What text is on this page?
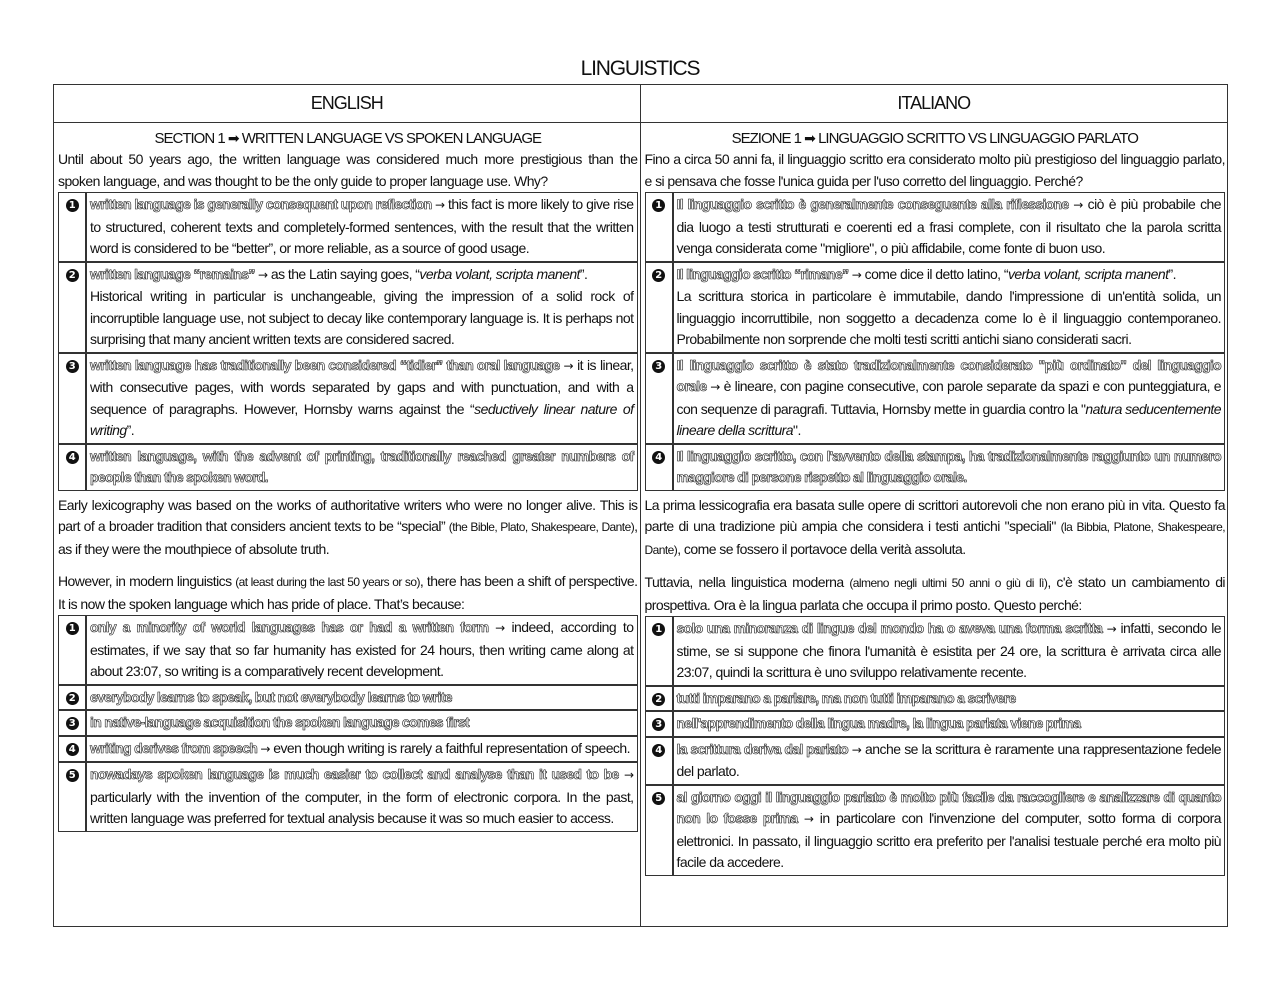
LINGUISTICS
ENGLISH
SECTION 1 ➡ WRITTEN LANGUAGE VS SPOKEN LANGUAGE

Until about 50 years ago, the written language was considered much more prestigious than the spoken language, and was thought to be the only guide to proper language use. Why?

1	written language is generally consequent upon reflection → this fact is more likely to give rise to structured, coherent texts and completely-formed sentences, with the result that the written word is considered to be “better”, or more reliable, as a source of good usage.
2	written language “remains” → as the Latin saying goes, “verba volant, scripta manent”.
Historical writing in particular is unchangeable, giving the impression of a solid rock of incorruptible language use, not subject to decay like contemporary language is. It is perhaps not surprising that many ancient written texts are considered sacred.
3	written language has traditionally been considered “tidier” than oral language → it is linear, with consecutive pages, with words separated by gaps and with punctuation, and with a sequence of paragraphs. However, Hornsby warns against the “seductively linear nature of writing”.
4	written language, with the advent of printing, traditionally reached greater numbers of people than the spoken word.

Early lexicography was based on the works of authoritative writers who were no longer alive. This is part of a broader tradition that considers ancient texts to be “special” (the Bible, Plato, Shakespeare, Dante), as if they were the mouthpiece of absolute truth.

However, in modern linguistics (at least during the last 50 years or so), there has been a shift of perspective. It is now the spoken language which has pride of place. That’s because:

1	only a minority of world languages has or had a written form → indeed, according to estimates, if we say that so far humanity has existed for 24 hours, then writing came along at about 23:07, so writing is a comparatively recent development.
2	everybody learns to speak, but not everybody learns to write
3	in native-language acquisition the spoken language comes first
4	writing derives from speech → even though writing is rarely a faithful representation of speech.
5	nowadays spoken language is much easier to collect and analyse than it used to be → particularly with the invention of the computer, in the form of electronic corpora. In the past, written language was preferred for textual analysis because it was so much easier to access.
ITALIANO
SEZIONE 1 ➡ LINGUAGGIO SCRITTO VS LINGUAGGIO PARLATO

Fino a circa 50 anni fa, il linguaggio scritto era considerato molto più prestigioso del linguaggio parlato, e si pensava che fosse l'unica guida per l'uso corretto del linguaggio. Perché?

1	Il linguaggio scritto è generalmente conseguente alla riflessione → ciò è più probabile che dia luogo a testi strutturati e coerenti ed a frasi complete, con il risultato che la parola scritta venga considerata come "migliore", o più affidabile, come fonte di buon uso.
2	Il linguaggio scritto “rimane” → come dice il detto latino, “verba volant, scripta manent”.
La scrittura storica in particolare è immutabile, dando l'impressione di un'entità solida, un linguaggio incorruttibile, non soggetto a decadenza come lo è il linguaggio contemporaneo. Probabilmente non sorprende che molti testi scritti antichi siano considerati sacri.
3	Il linguaggio scritto è stato tradizionalmente considerato "più ordinato" del linguaggio orale → è lineare, con pagine consecutive, con parole separate da spazi e con punteggiatura, e con sequenze di paragrafi. Tuttavia, Hornsby mette in guardia contro la "natura seducentemente lineare della scrittura".
4	Il linguaggio scritto, con l'avvento della stampa, ha tradizionalmente raggiunto un numero maggiore di persone rispetto al linguaggio orale.

La prima lessicografia era basata sulle opere di scrittori autorevoli che non erano più in vita. Questo fa parte di una tradizione più ampia che considera i testi antichi "speciali" (la Bibbia, Platone, Shakespeare, Dante), come se fossero il portavoce della verità assoluta.

Tuttavia, nella linguistica moderna (almeno negli ultimi 50 anni o giù di lì), c'è stato un cambiamento di prospettiva. Ora è la lingua parlata che occupa il primo posto. Questo perché:

1	solo una minoranza di lingue del mondo ha o aveva una forma scritta → infatti, secondo le stime, se si suppone che finora l'umanità è esistita per 24 ore, la scrittura è arrivata circa alle 23:07, quindi la scrittura è uno sviluppo relativamente recente.
2	tutti imparano a parlare, ma non tutti imparano a scrivere
3	nell'apprendimento della lingua madre, la lingua parlata viene prima
4	la scrittura deriva dal parlato → anche se la scrittura è raramente una rappresentazione fedele del parlato.
5	al giorno oggi il linguaggio parlato è molto più facile da raccogliere e analizzare di quanto non lo fosse prima → in particolare con l'invenzione del computer, sotto forma di corpora elettronici. In passato, il linguaggio scritto era preferito per l'analisi testuale perché era molto più facile da accedere.
